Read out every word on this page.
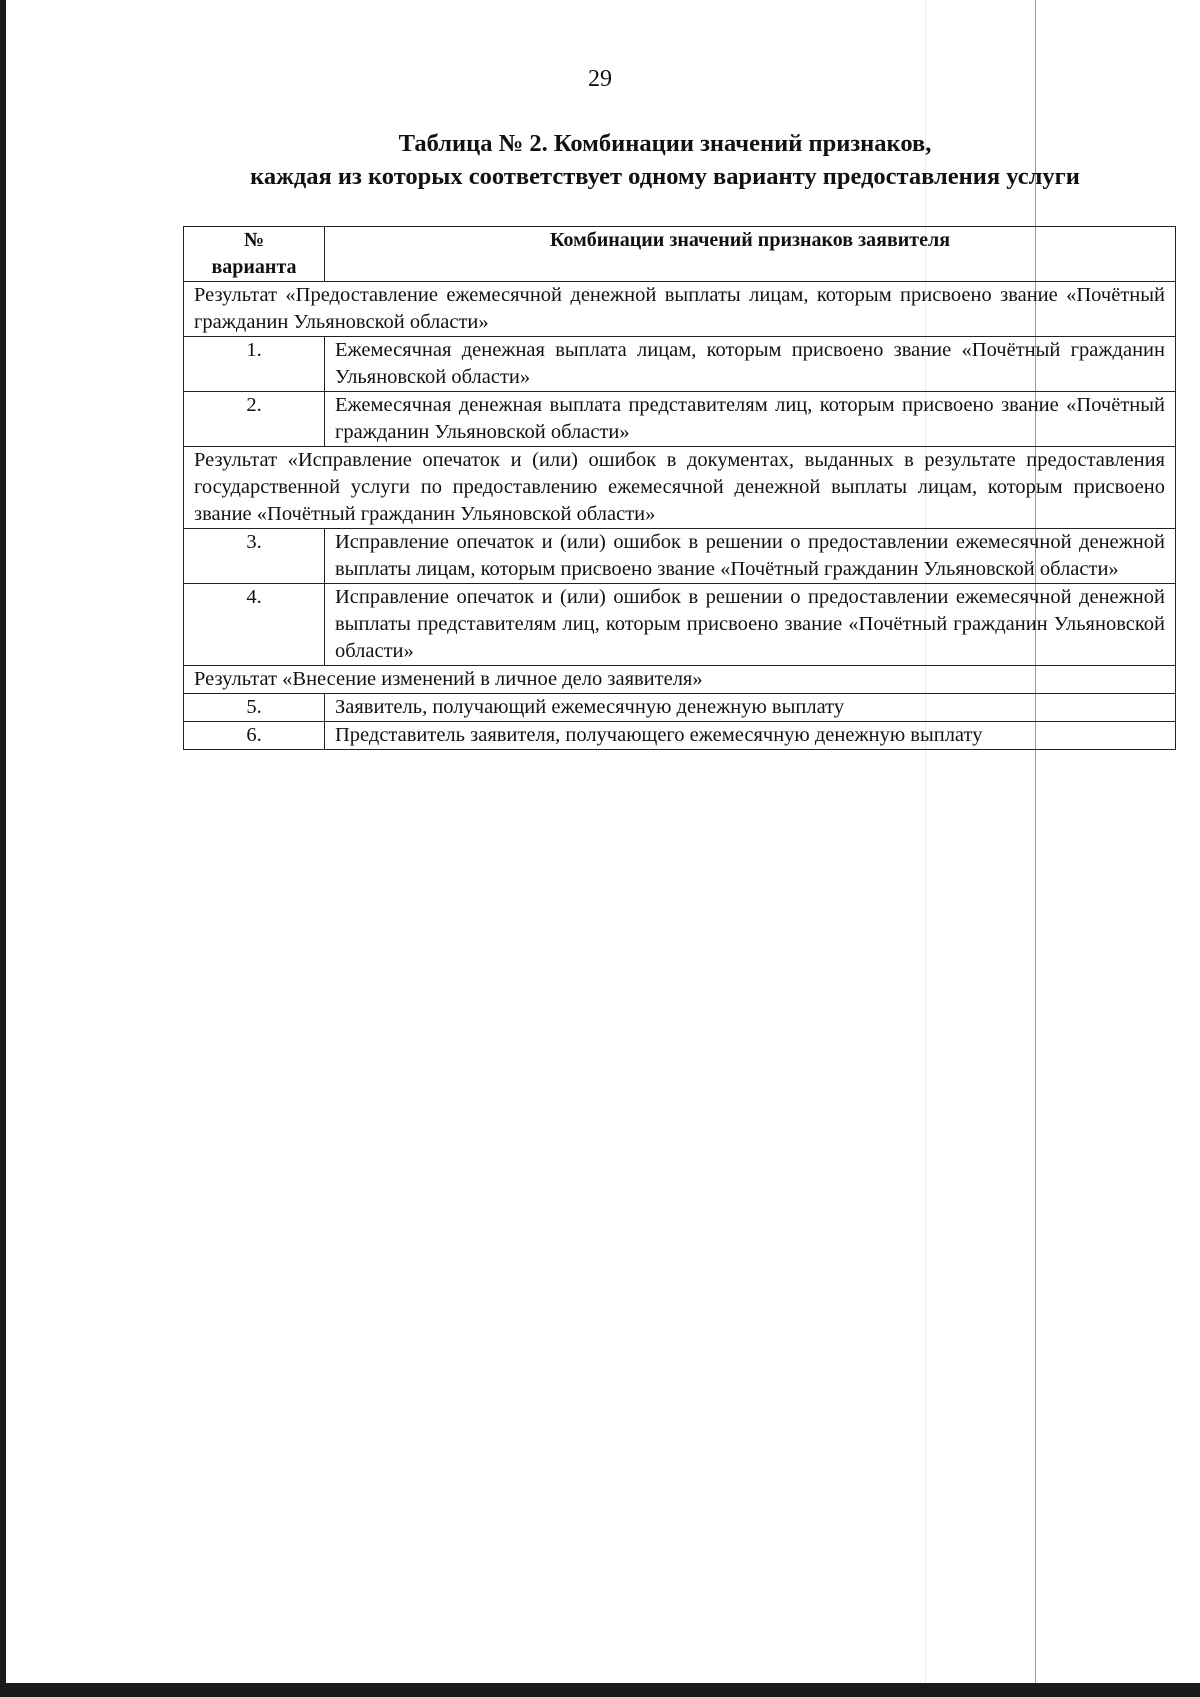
29
Таблица № 2. Комбинации значений признаков,
каждая из которых соответствует одному варианту предоставления услуги
№
варианта	Комбинации значений признаков заявителя
Результат «Предоставление ежемесячной денежной выплаты лицам, которым присвоено звание «Почётный гражданин Ульяновской области»	
1.	Ежемесячная денежная выплата лицам, которым присвоено звание «Почётный гражданин Ульяновской области»
2.	Ежемесячная денежная выплата представителям лиц, которым присвоено звание «Почётный гражданин Ульяновской области»
Результат «Исправление опечаток и (или) ошибок в документах, выданных в результате предоставления государственной услуги по предоставлению ежемесячной денежной выплаты лицам, которым присвоено звание «Почётный гражданин Ульяновской области»	
3.	Исправление опечаток и (или) ошибок в решении о предоставлении ежемесячной денежной выплаты лицам, которым присвоено звание «Почётный гражданин Ульяновской области»
4.	Исправление опечаток и (или) ошибок в решении о предоставлении ежемесячной денежной выплаты представителям лиц, которым присвоено звание «Почётный гражданин Ульяновской области»
Результат «Внесение изменений в личное дело заявителя»	
5.	Заявитель, получающий ежемесячную денежную выплату
6.	Представитель заявителя, получающего ежемесячную денежную выплату
